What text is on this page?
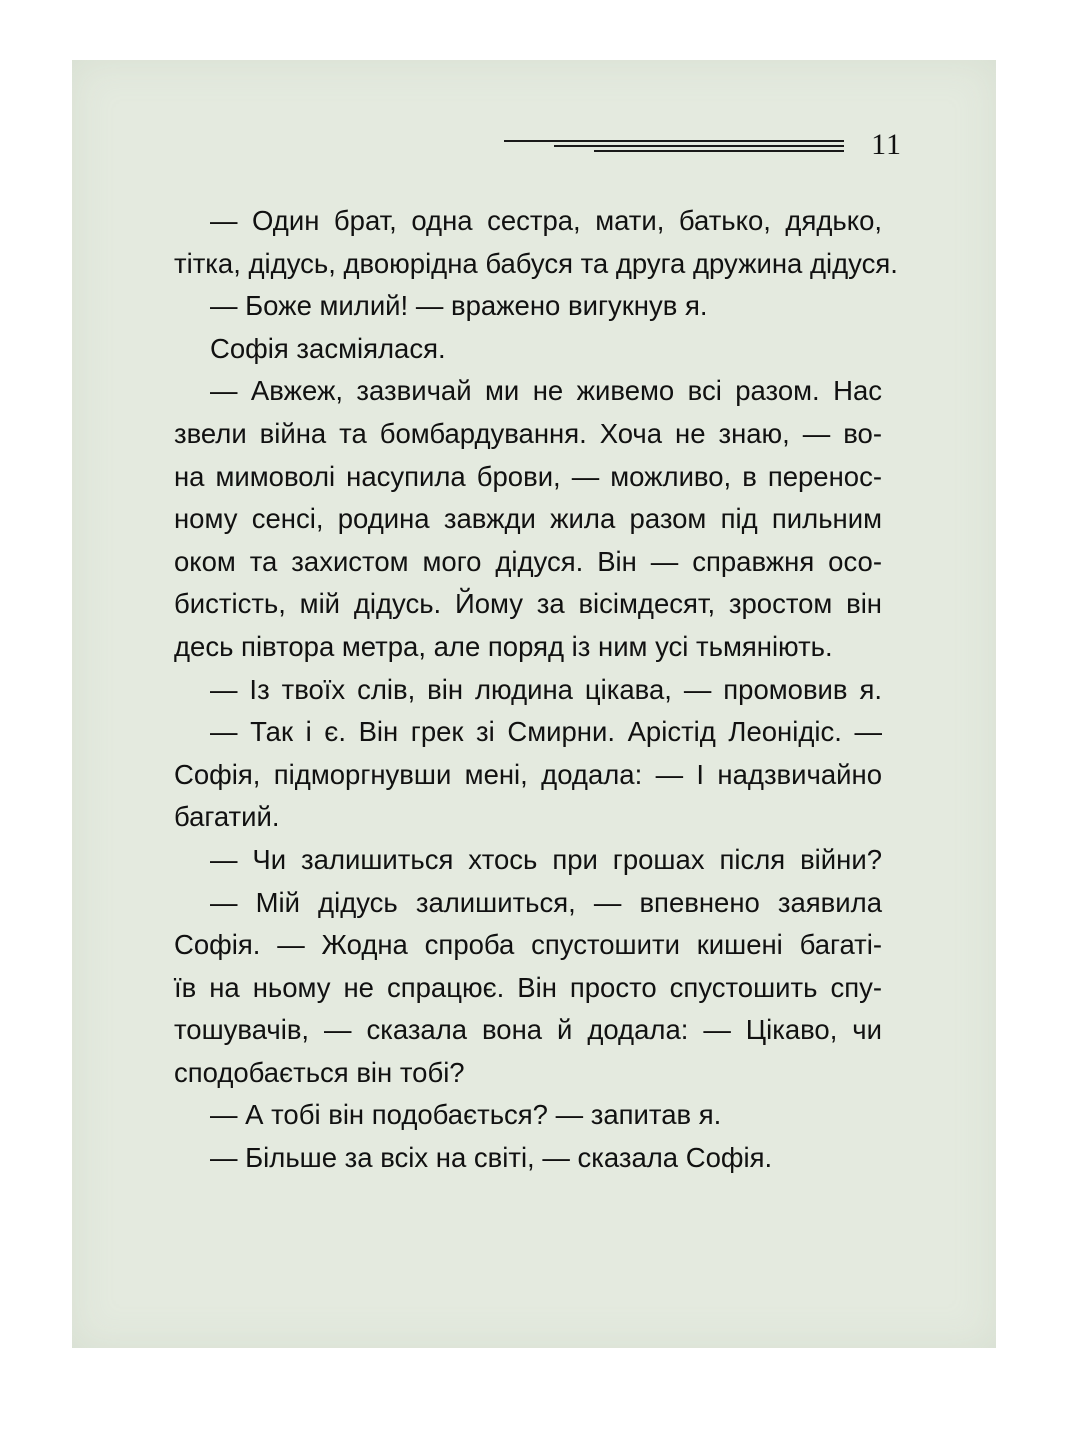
11
— Один брат, одна сестра, мати, батько, дядько,
тітка, дідусь, двоюрідна бабуся та друга дружина дідуся.
— Боже милий! — вражено вигукнув я.
Софія засміялася.
— Авжеж, зазвичай ми не живемо всі разом. Нас
звели війна та бомбардування. Хоча не знаю, — во-
на мимоволі насупила брови, — можливо, в перенос-
ному сенсі, родина завжди жила разом під пильним
оком та захистом мого дідуся. Він — справжня осо-
бистість, мій дідусь. Йому за вісімдесят, зростом він
десь півтора метра, але поряд із ним усі тьмяніють.
— Із твоїх слів, він людина цікава, — промовив я.
— Так і є. Він грек зі Смирни. Арістід Леонідіс. —
Софія, підморгнувши мені, додала: — І надзвичайно
багатий.
— Чи залишиться хтось при грошах після війни?
— Мій дідусь залишиться, — впевнено заявила
Софія. — Жодна спроба спустошити кишені багаті-
їв на ньому не спрацює. Він просто спустошить спу-
тошувачів, — сказала вона й додала: — Цікаво, чи
сподобається він тобі?
— А тобі він подобається? — запитав я.
— Більше за всіх на світі, — сказала Софія.
